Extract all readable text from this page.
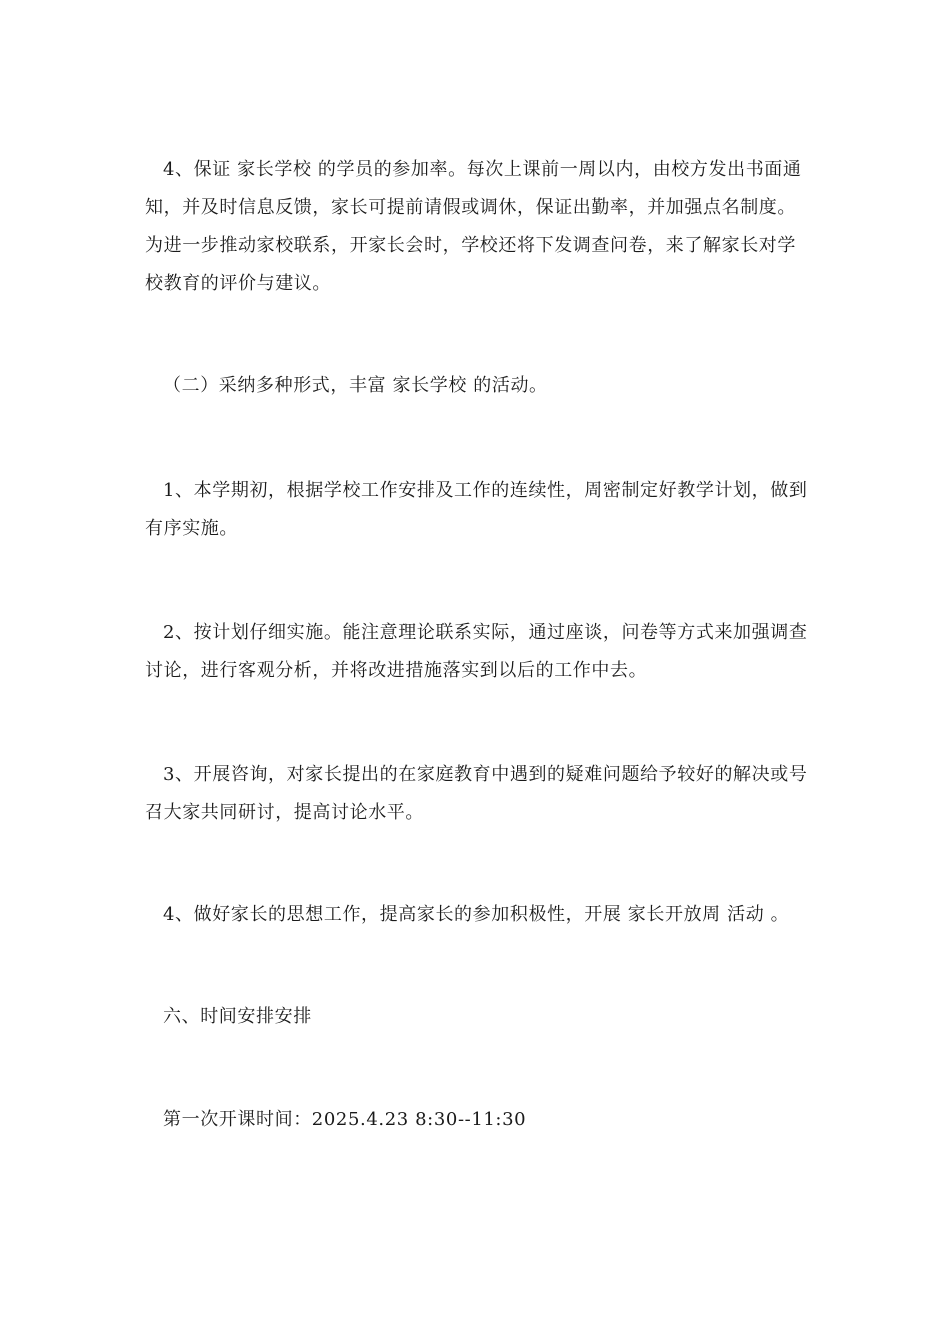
4、保证 家长学校 的学员的参加率。每次上课前一周以内，由校方发出书面通知，并及时信息反馈，家长可提前请假或调休，保证出勤率，并加强点名制度。为进一步推动家校联系，开家长会时，学校还将下发调查问卷，来了解家长对学校教育的评价与建议。

（二）采纳多种形式，丰富 家长学校 的活动。

1、本学期初，根据学校工作安排及工作的连续性，周密制定好教学计划，做到有序实施。

2、按计划仔细实施。能注意理论联系实际，通过座谈，问卷等方式来加强调查讨论，进行客观分析，并将改进措施落实到以后的工作中去。

3、开展咨询，对家长提出的在家庭教育中遇到的疑难问题给予较好的解决或号召大家共同研讨，提高讨论水平。

4、做好家长的思想工作，提高家长的参加积极性，开展 家长开放周 活动 。

六、时间安排安排

第一次开课时间：2025.4.23 8:30--11:30
